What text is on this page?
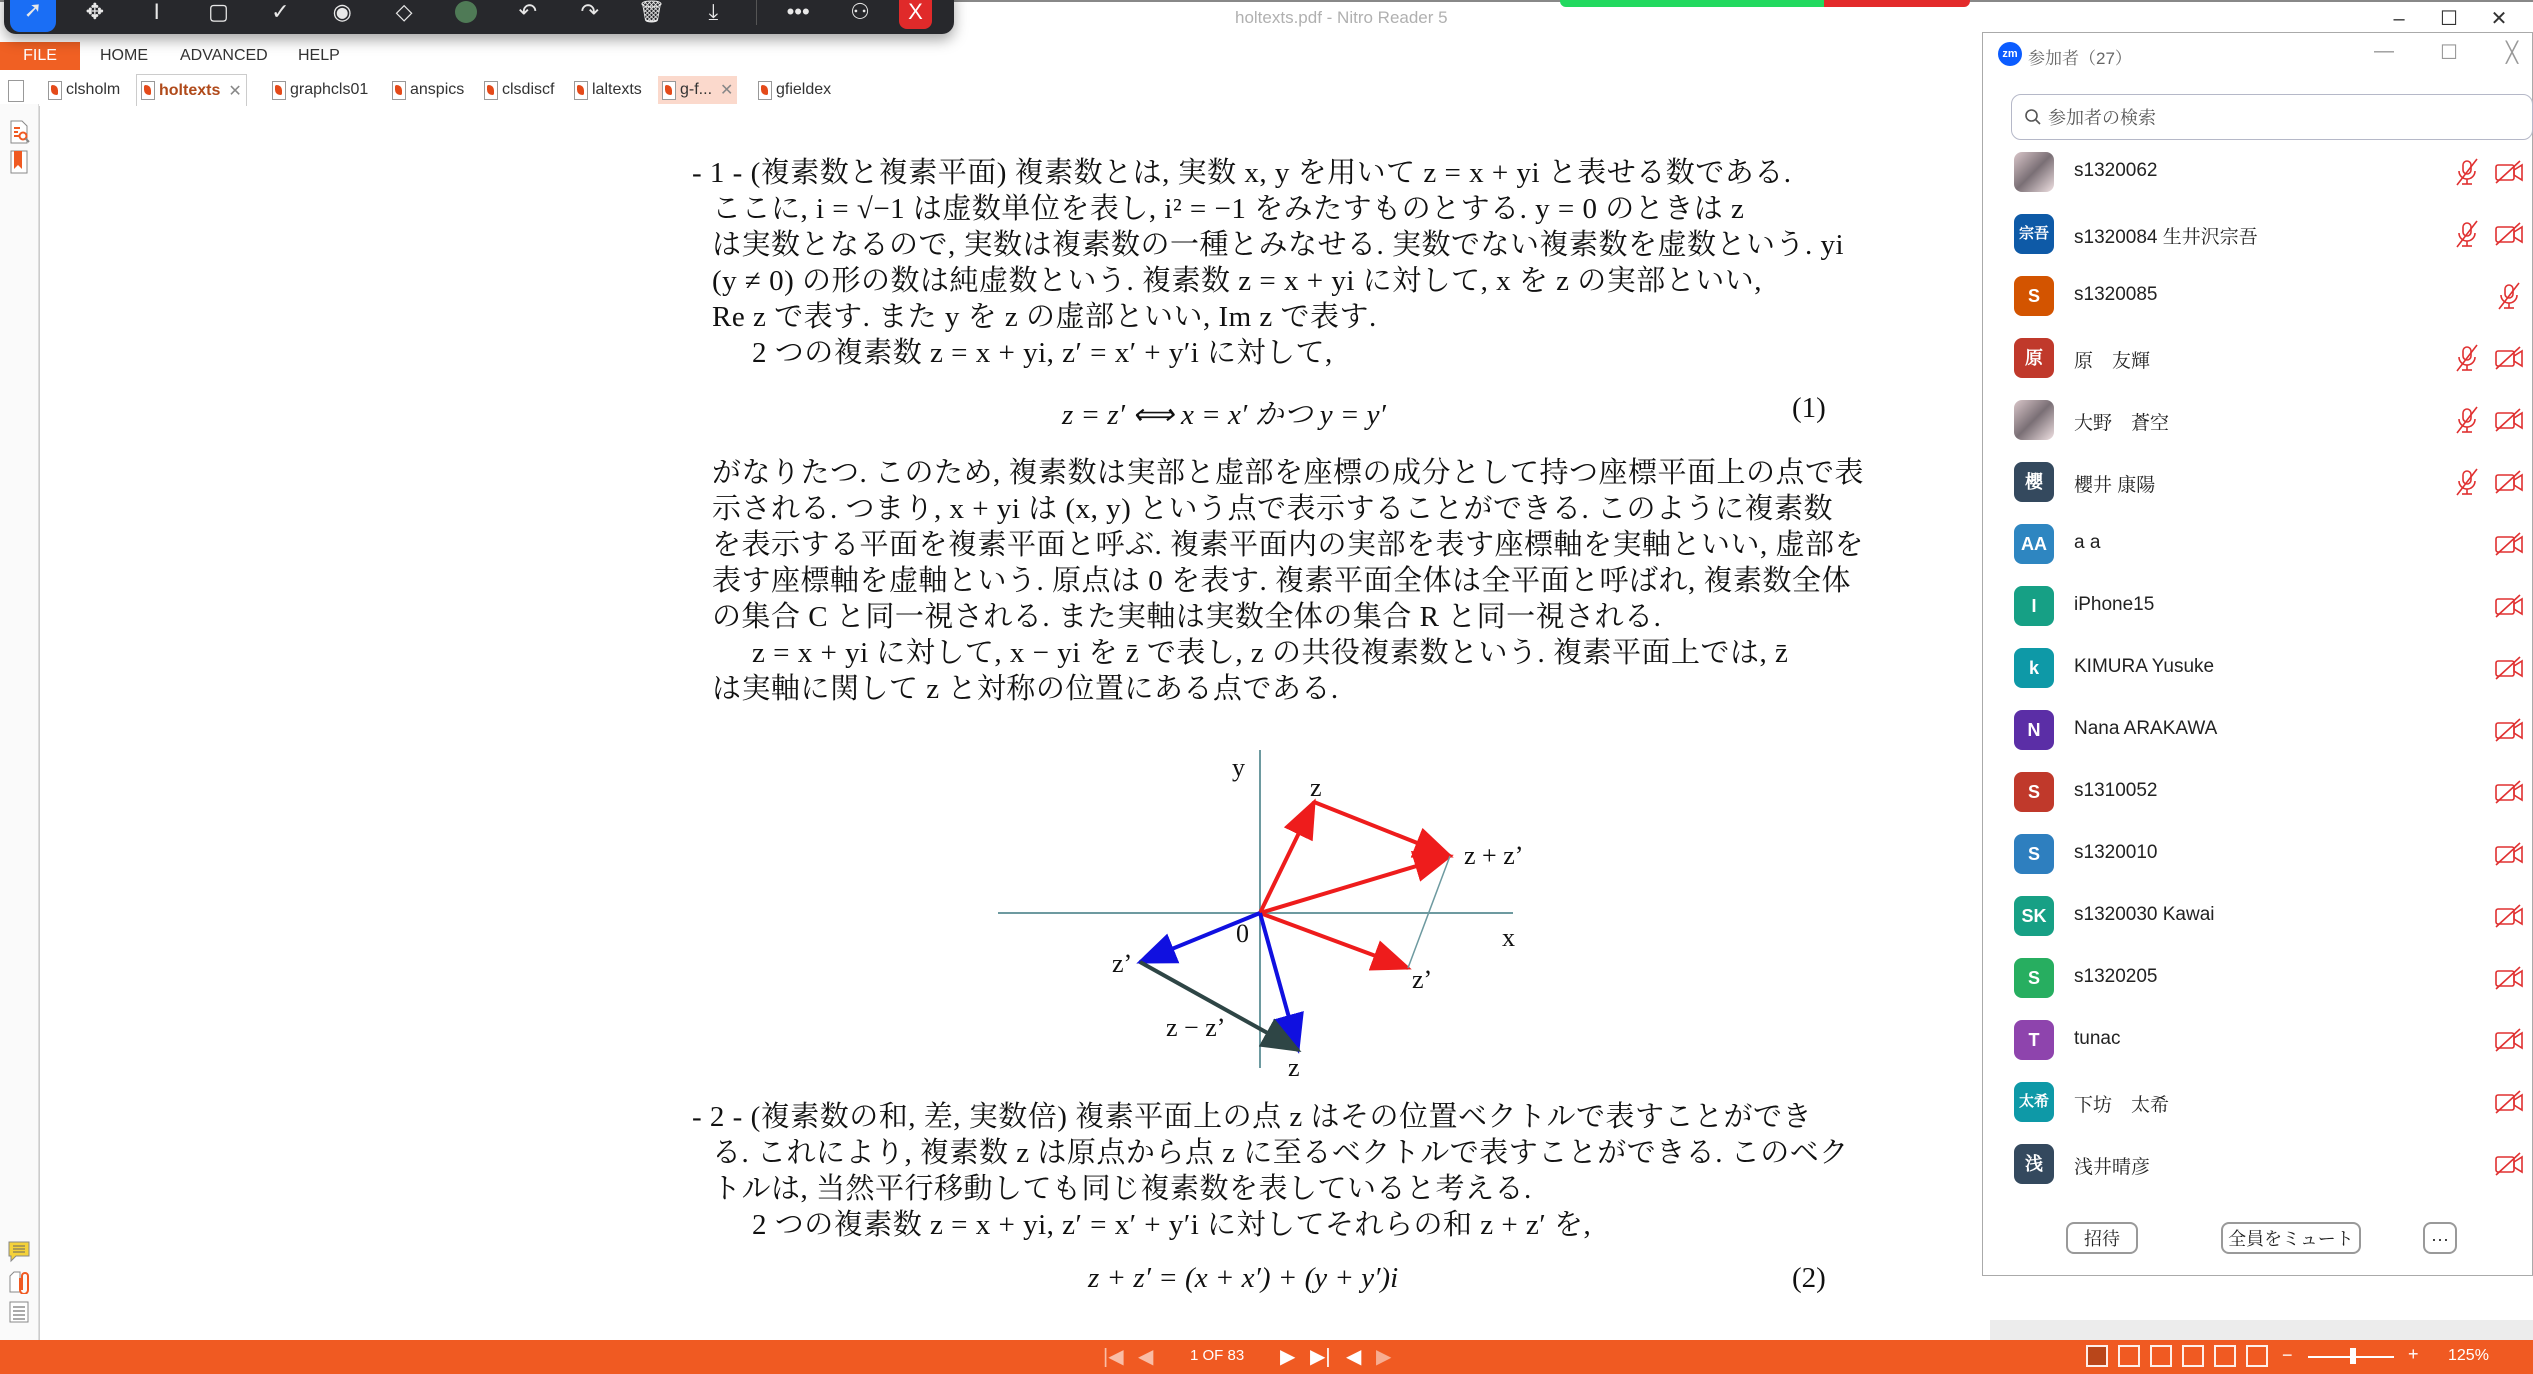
holtexts.pdf - Nitro Reader 5	‒	☐	✕
FILE	HOME ADVANCED HELP
clsholm holtexts ✕	graphcls01	anspics clsdiscf laltexts g-f... ✕	gfieldex
- 1 - (複素数と複素平面) 複素数とは, 実数 x, y を用いて z = x + yi と表せる数である.
ここに, i = √−1 は虚数単位を表し, i² = −1 をみたすものとする. y = 0 のときは z
は実数となるので, 実数は複素数の一種とみなせる. 実数でない複素数を虚数という. yi
(y ≠ 0) の形の数は純虚数という. 複素数 z = x + yi に対して, x を z の実部といい,
Re z で表す. また y を z の虚部といい, Im z で表す.
2 つの複素数 z = x + yi, z′ = x′ + y′i に対して,
z = z′ ⟺ x = x′ かつ y = y′	(1)
がなりたつ. このため, 複素数は実部と虚部を座標の成分として持つ座標平面上の点で表
示される. つまり, x + yi は (x, y) という点で表示することができる. このように複素数
を表示する平面を複素平面と呼ぶ. 複素平面内の実部を表す座標軸を実軸といい, 虚部を
表す座標軸を虚軸という. 原点は 0 を表す. 複素平面全体は全平面と呼ばれ, 複素数全体
の集合 C と同一視される. また実軸は実数全体の集合 R と同一視される.
z = x + yi に対して, x − yi を z̄ で表し, z の共役複素数という. 複素平面上では, z̄
は実軸に関して z と対称の位置にある点である.
y
z
z + z’
x
0
z’
z’
z − z’
z
- 2 - (複素数の和, 差, 実数倍) 複素平面上の点 z はその位置ベクトルで表すことができ
る. これにより, 複素数 z は原点から点 z に至るベクトルで表すことができる. このベク
トルは, 当然平行移動しても同じ複素数を表していると考える.
2 つの複素数 z = x + yi, z′ = x′ + y′i に対してそれらの和 z + z′ を,
z + z′ = (x + x′) + (y + y′)i	(2)
➚	✥	I	▢	✓	◉	◇	↶	↷	🗑	⤓	•••	⚇	X
|◀ ◀ 1 OF 83 ▶ ▶| ◀ ▶	−	+ 125%
zm 参加者（27）	— ☐ ╳
参加者の検索
s1320062
宗吾 s1320084 生井沢宗吾
S	s1320085
原	原　友輝
大野　蒼空
櫻	櫻井 康陽
AA	a a
I	iPhone15
k	KIMURA Yusuke
N	Nana ARAKAWA
S	s1310052
S	s1320010
SK	s1320030 Kawai
S	s1320205
T	tunac
太希 下坊　太希
浅	浅井晴彦
招待	全員をミュート	···
